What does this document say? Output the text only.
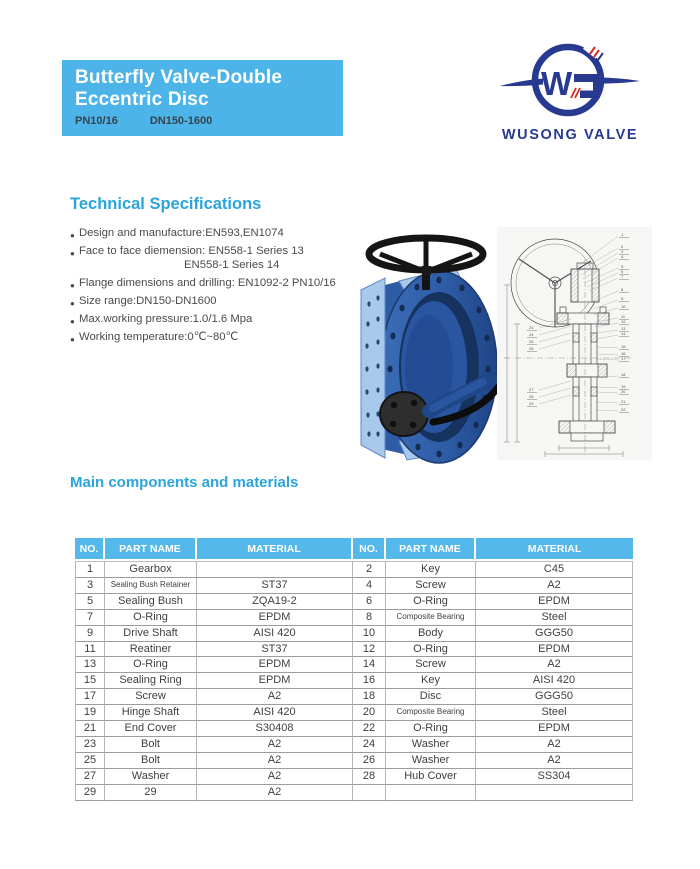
Butterfly Valve-Double
Eccentric Disc
PN10/16	DN150-1600
W
WUSONG VALVE
Technical Specifications
● Design and manufacture:EN593,EN1074
● Face to face diemension: EN558-1 Series 13
EN558-1 Series 14
● Flange dimensions and drilling: EN1092-2 PN10/16
● Size range:DN150-DN1600
● Max.working pressure:1.0/1.6 Mpa
● Working temperature:0℃~80℃
1
2
3
4
5
6
7
8
9
10
11
12
13
14
15
16
17
18
19
20
21
22
23
24
25
26
27
28
29
Main components and materials
NO.	PART NAME	MATERIAL	NO.	PART NAME	MATERIAL
1	Gearbox		2	Key	C45
3	Sealing Bush Retainer	ST37	4	Screw	A2
5	Sealing Bush	ZQA19-2	6	O-Ring	EPDM
7	O-Ring	EPDM	8	Composite Bearing	Steel
9	Drive Shaft	AISI 420	10	Body	GGG50
11	Reatiner	ST37	12	O-Ring	EPDM
13	O-Ring	EPDM	14	Screw	A2
15	Sealing Ring	EPDM	16	Key	AISI 420
17	Screw	A2	18	Disc	GGG50
19	Hinge Shaft	AISI 420	20	Composite Bearing	Steel
21	End Cover	S30408	22	O-Ring	EPDM
23	Bolt	A2	24	Washer	A2
25	Bolt	A2	26	Washer	A2
27	Washer	A2	28	Hub Cover	SS304
29	29	A2			
